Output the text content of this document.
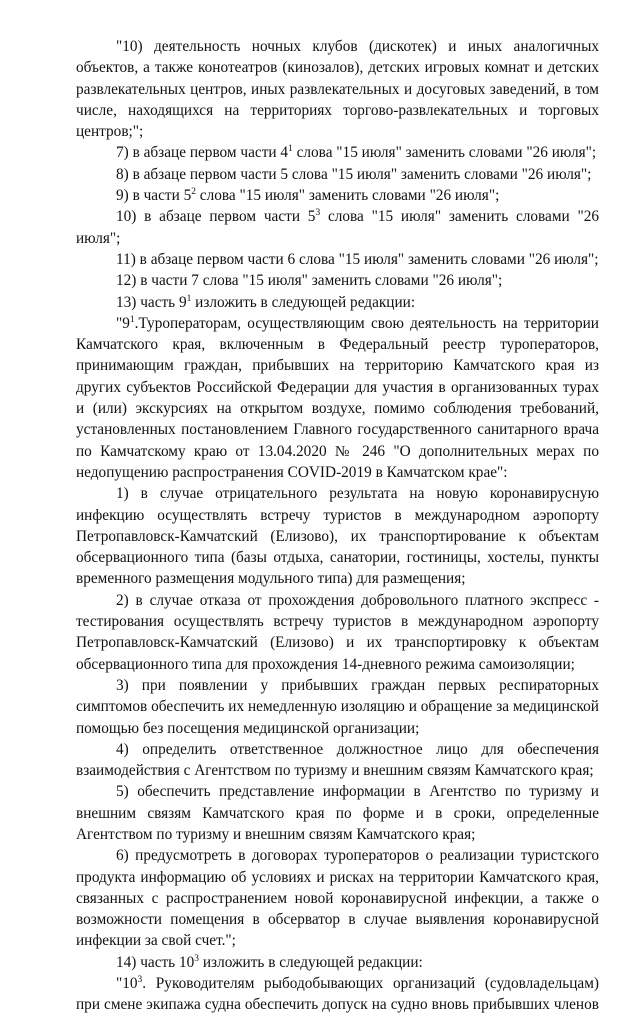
"10) деятельность ночных клубов (дискотек) и иных аналогичных объектов, а также конотеатров (кинозалов), детских игровых комнат и детских развлекательных центров, иных развлекательных и досуговых заведений, в том числе, находящихся на территориях торгово-развлекательных и торговых центров;";

7) в абзаце первом части $4^1$ слова "15 июля" заменить словами "26 июля";

8) в абзаце первом части 5 слова "15 июля" заменить словами "26 июля";

9) в части $5^2$ слова "15 июля" заменить словами "26 июля";

10) в абзаце первом части $5^3$ слова "15 июля" заменить словами "26 июля";

11) в абзаце первом части 6 слова "15 июля" заменить словами "26 июля";

12) в части 7 слова "15 июля" заменить словами "26 июля";

13) часть $9^1$ изложить в следующей редакции:

"$9^1.Туроператорам$, осуществляющим свою деятельность на территории Камчатского края, включенным в Федеральный реестр туроператоров, принимающим граждан, прибывших на территорию Камчатского края из других субъектов Российской Федерации для участия в организованных турах и (или) экскурсиях на открытом воздухе, помимо соблюдения требований, установленных постановлением Главного государственного санитарного врача по Камчатскому краю от 13.04.2020 № 246 "О дополнительных мерах по недопущению распространения COVID-2019 в Камчатском крае":

1) в случае отрицательного результата на новую коронавирусную инфекцию осуществлять встречу туристов в международном аэропорту Петропавловск-Камчатский (Елизово), их транспортирование к объектам обсервационного типа (базы отдыха, санатории, гостиницы, хостелы, пункты временного размещения модульного типа) для размещения;

2) в случае отказа от прохождения добровольного платного экспресс - тестирования осуществлять встречу туристов в международном аэропорту Петропавловск-Камчатский (Елизово) и их транспортировку к объектам обсервационного типа для прохождения 14-дневного режима самоизоляции;

3) при появлении у прибывших граждан первых респираторных симптомов обеспечить их немедленную изоляцию и обращение за медицинской помощью без посещения медицинской организации;

4) определить ответственное должностное лицо для обеспечения взаимодействия с Агентством по туризму и внешним связям Камчатского края;

5) обеспечить представление информации в Агентство по туризму и внешним связям Камчатского края по форме и в сроки, определенные Агентством по туризму и внешним связям Камчатского края;

6) предусмотреть в договорах туроператоров о реализации туристского продукта информацию об условиях и рисках на территории Камчатского края, связанных с распространением новой коронавирусной инфекции, а также о возможности помещения в обсерватор в случае выявления коронавирусной инфекции за свой счет.";

14) часть $10^3$ изложить в следующей редакции:

"$10^3$. Руководителям рыбодобывающих организаций (судовладельцам) при смене экипажа судна обеспечить допуск на судно вновь прибывших членов
